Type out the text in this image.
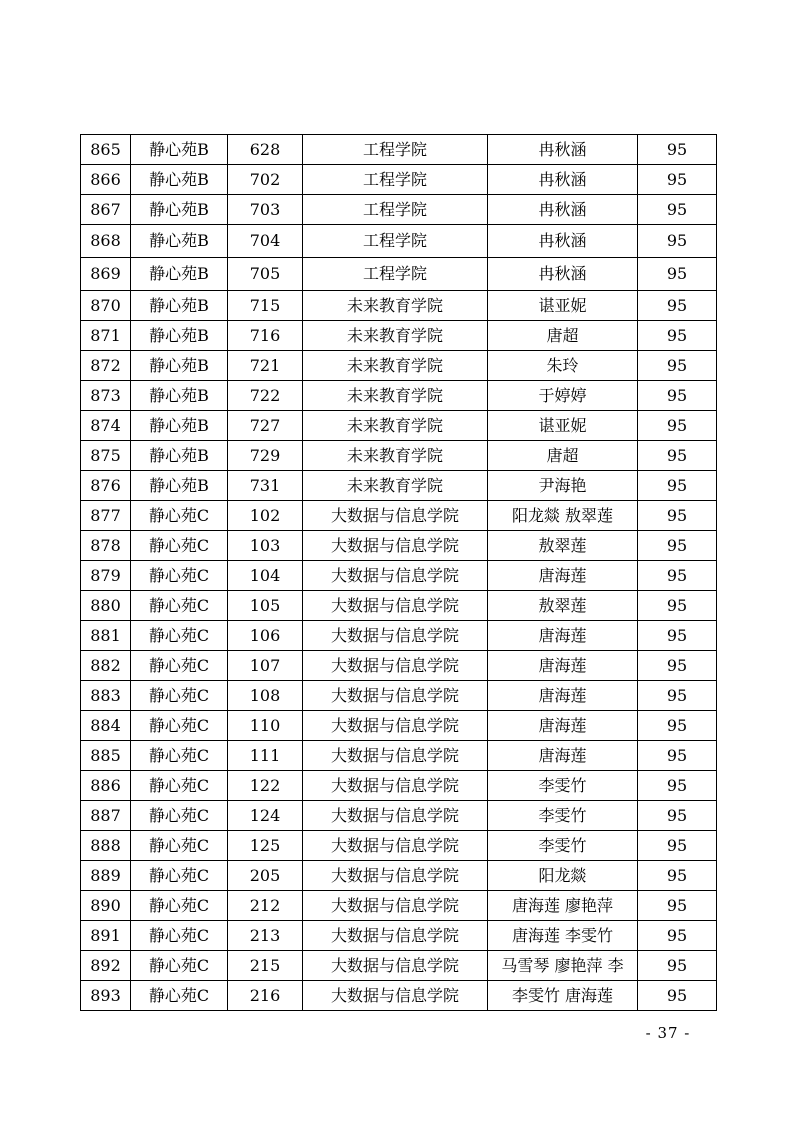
865	静心苑B	628	工程学院	冉秋涵	95
866	静心苑B	702	工程学院	冉秋涵	95
867	静心苑B	703	工程学院	冉秋涵	95
868	静心苑B	704	工程学院	冉秋涵	95
869	静心苑B	705	工程学院	冉秋涵	95
870	静心苑B	715	未来教育学院	谌亚妮	95
871	静心苑B	716	未来教育学院	唐超	95
872	静心苑B	721	未来教育学院	朱玲	95
873	静心苑B	722	未来教育学院	于婷婷	95
874	静心苑B	727	未来教育学院	谌亚妮	95
875	静心苑B	729	未来教育学院	唐超	95
876	静心苑B	731	未来教育学院	尹海艳	95
877	静心苑C	102	大数据与信息学院	阳龙燚 敖翠莲	95
878	静心苑C	103	大数据与信息学院	敖翠莲	95
879	静心苑C	104	大数据与信息学院	唐海莲	95
880	静心苑C	105	大数据与信息学院	敖翠莲	95
881	静心苑C	106	大数据与信息学院	唐海莲	95
882	静心苑C	107	大数据与信息学院	唐海莲	95
883	静心苑C	108	大数据与信息学院	唐海莲	95
884	静心苑C	110	大数据与信息学院	唐海莲	95
885	静心苑C	111	大数据与信息学院	唐海莲	95
886	静心苑C	122	大数据与信息学院	李雯竹	95
887	静心苑C	124	大数据与信息学院	李雯竹	95
888	静心苑C	125	大数据与信息学院	李雯竹	95
889	静心苑C	205	大数据与信息学院	阳龙燚	95
890	静心苑C	212	大数据与信息学院	唐海莲 廖艳萍	95
891	静心苑C	213	大数据与信息学院	唐海莲 李雯竹	95
892	静心苑C	215	大数据与信息学院	马雪琴 廖艳萍 李	95
893	静心苑C	216	大数据与信息学院	李雯竹 唐海莲	95
- 37 -
